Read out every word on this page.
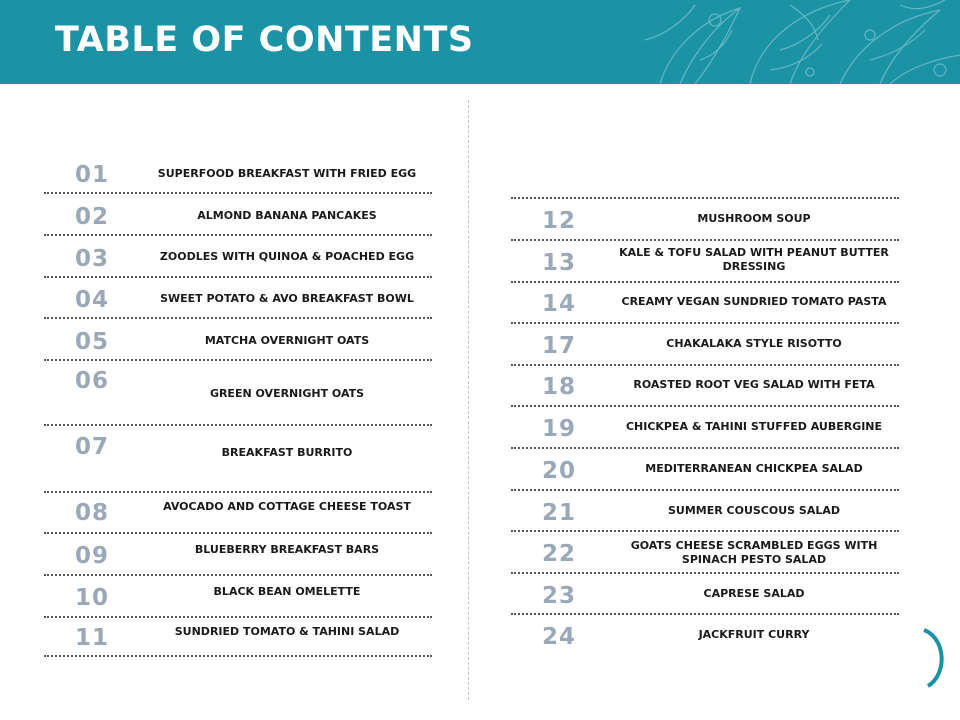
TABLE OF CONTENTS
01	SUPERFOOD BREAKFAST WITH FRIED EGG
02	ALMOND BANANA PANCAKES
03	ZOODLES WITH QUINOA & POACHED EGG
04	SWEET POTATO & AVO BREAKFAST BOWL
05	MATCHA OVERNIGHT OATS
06	GREEN OVERNIGHT OATS
07	BREAKFAST BURRITO
08	AVOCADO AND COTTAGE CHEESE TOAST
09	BLUEBERRY BREAKFAST BARS
10	BLACK BEAN OMELETTE
11	SUNDRIED TOMATO & TAHINI SALAD
12	MUSHROOM SOUP
13	KALE & TOFU SALAD WITH PEANUT BUTTER DRESSING
14	CREAMY VEGAN SUNDRIED TOMATO PASTA
17	CHAKALAKA STYLE RISOTTO
18	ROASTED ROOT VEG SALAD WITH FETA
19	CHICKPEA & TAHINI STUFFED AUBERGINE
20	MEDITERRANEAN CHICKPEA SALAD
21	SUMMER COUSCOUS SALAD
22	GOATS CHEESE SCRAMBLED EGGS WITH SPINACH PESTO SALAD
23	CAPRESE SALAD
24	JACKFRUIT CURRY
